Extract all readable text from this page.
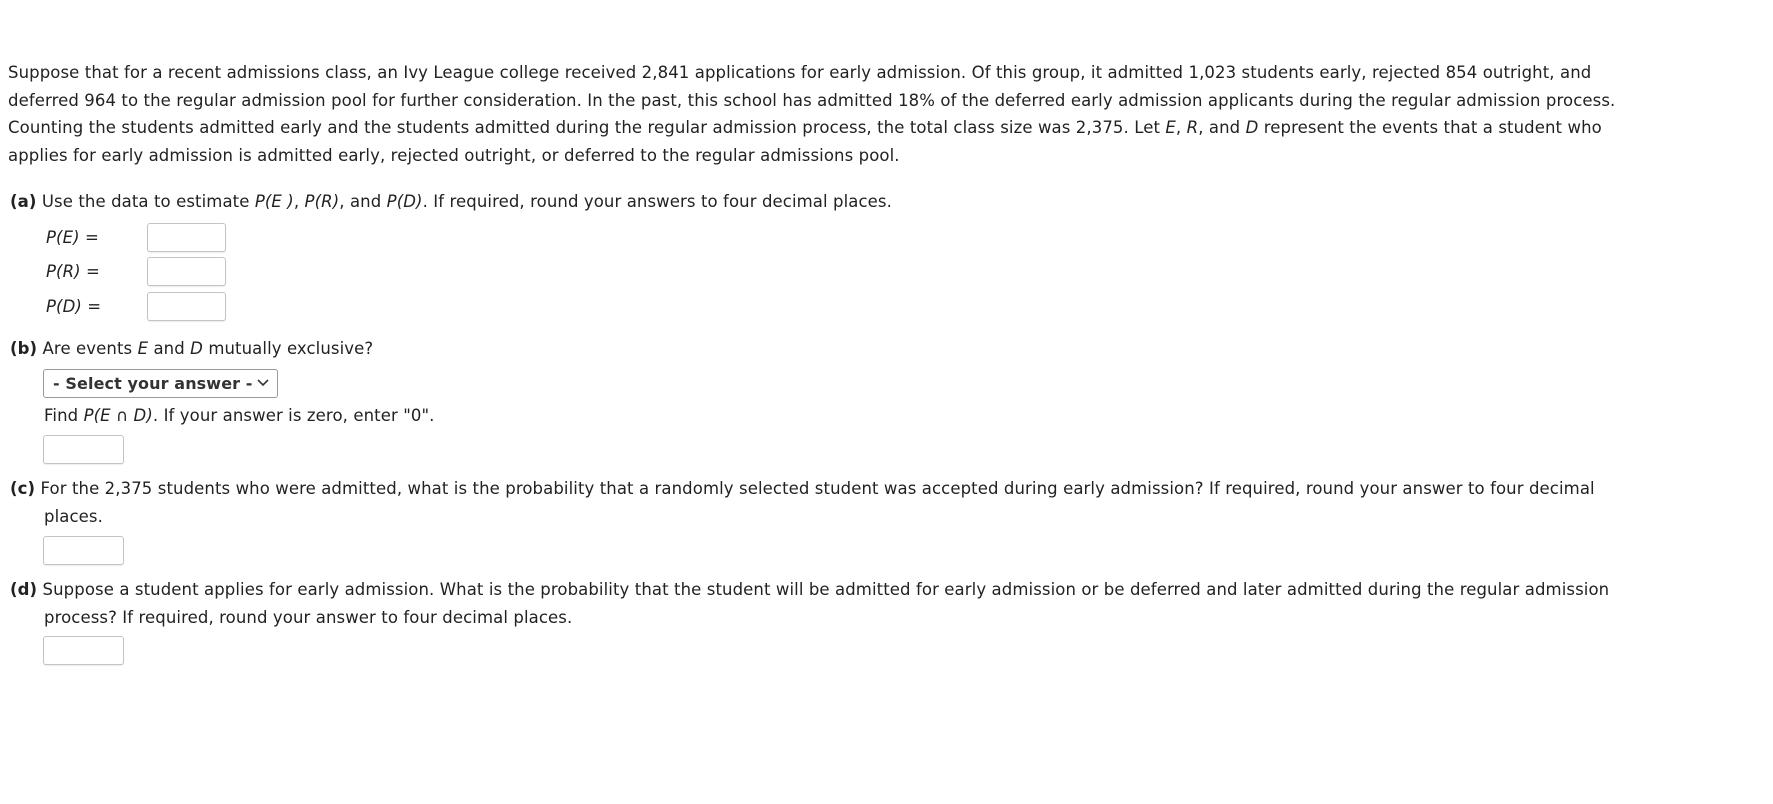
Suppose that for a recent admissions class, an Ivy League college received 2,841 applications for early admission. Of this group, it admitted 1,023 students early, rejected 854 outright, and
deferred 964 to the regular admission pool for further consideration. In the past, this school has admitted 18% of the deferred early admission applicants during the regular admission process.
Counting the students admitted early and the students admitted during the regular admission process, the total class size was 2,375. Let E, R, and D represent the events that a student who
applies for early admission is admitted early, rejected outright, or deferred to the regular admissions pool.

(a) Use the data to estimate P(E ), P(R), and P(D). If required, round your answers to four decimal places.
P(E) =
P(R) =
P(D) =
(b) Are events E and D mutually exclusive?
- Select your answer -
Find P(E ∩ D). If your answer is zero, enter "0".
(c) For the 2,375 students who were admitted, what is the probability that a randomly selected student was accepted during early admission? If required, round your answer to four decimal
places.
(d) Suppose a student applies for early admission. What is the probability that the student will be admitted for early admission or be deferred and later admitted during the regular admission
process? If required, round your answer to four decimal places.
